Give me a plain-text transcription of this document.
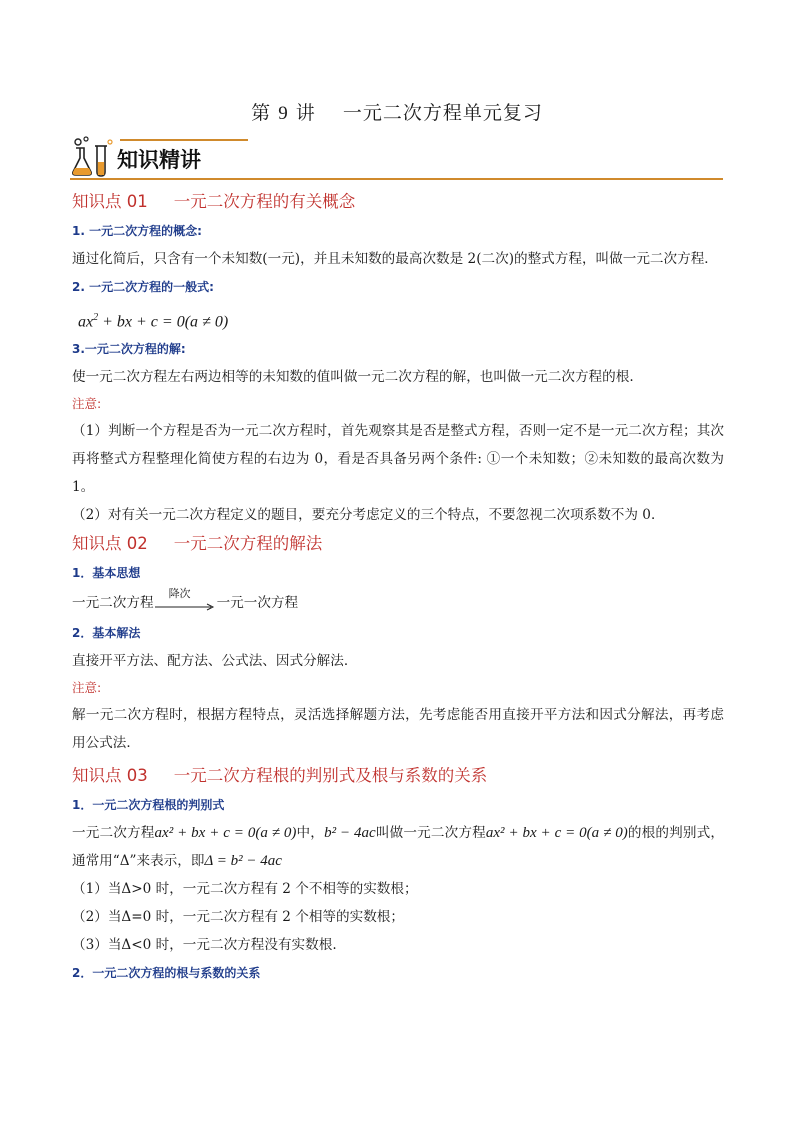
第 9 讲 　一元二次方程单元复习
知识精讲

知识点 01 一元二次方程的有关概念

1. 一元二次方程的概念:

通过化简后，只含有一个未知数(一元)，并且未知数的最高次数是 2(二次)的整式方程，叫做一元二次方程．

2. 一元二次方程的一般式:

$ax^2$ + bx + c = 0(a ≠ 0)

3.一元二次方程的解:

使一元二次方程左右两边相等的未知数的值叫做一元二次方程的解，也叫做一元二次方程的根.

注意:

（1）判断一个方程是否为一元二次方程时，首先观察其是否是整式方程，否则一定不是一元二次方程；其次再将整式方程整理化简使方程的右边为 0，看是否具备另两个条件: ①一个未知数；②未知数的最高次数为 1。

（2）对有关一元二次方程定义的题目，要充分考虑定义的三个特点，不要忽视二次项系数不为 0．

知识点 02 一元二次方程的解法

1．基本思想

一元二次方程
降次
一元一次方程

2．基本解法

直接开平方法、配方法、公式法、因式分解法．

注意:

解一元二次方程时，根据方程特点，灵活选择解题方法，先考虑能否用直接开平方法和因式分解法，再考虑用公式法．

知识点 03 一元二次方程根的判别式及根与系数的关系

1．一元二次方程根的判别式

一元二次方程ax² + bx + c = 0(a ≠ 0)中，b² − 4ac叫做一元二次方程ax² + bx + c = 0(a ≠ 0)的根的判别式，通常用“Δ”来表示，即Δ = b² − 4ac

（1）当Δ>0 时，一元二次方程有 2 个不相等的实数根；

（2）当Δ=0 时，一元二次方程有 2 个相等的实数根；

（3）当Δ<0 时，一元二次方程没有实数根.

2．一元二次方程的根与系数的关系
